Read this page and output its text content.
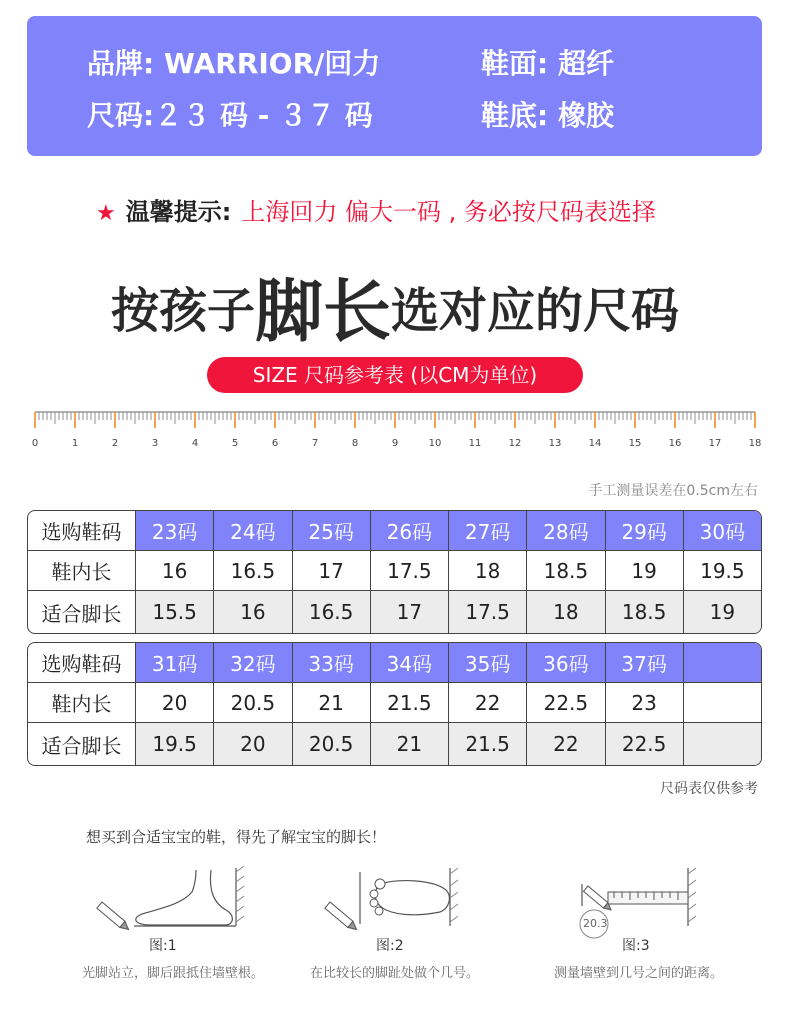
品牌: WARRIOR/回力
尺码:２３ 码 - ３７ 码
鞋面: 超纤
鞋底: 橡胶
★ 温馨提示: 上海回力 偏大一码 , 务必按尺码表选择
按孩子脚长选对应的尺码
SIZE 尺码参考表 (以CM为单位)
0	1	2	3	4	5	6	7	8	9	10	11	12	13	14	15	16	17	18
手工测量误差在0.5cm左右
选购鞋码	23码	24码	25码	26码	27码	28码	29码	30码
鞋内长	16	16.5	17	17.5	18	18.5	19	19.5
适合脚长	15.5	16	16.5	17	17.5	18	18.5	19
选购鞋码	31码	32码	33码	34码	35码	36码	37码
鞋内长	20	20.5	21	21.5	22	22.5	23
适合脚长	19.5	20	20.5	21	21.5	22	22.5
尺码表仅供参考
想买到合适宝宝的鞋，得先了解宝宝的脚长！
图:1
光脚站立，脚后跟抵住墙壁根。
图:2
在比较长的脚趾处做个几号。
20.3
图:3
测量墙壁到几号之间的距离。
